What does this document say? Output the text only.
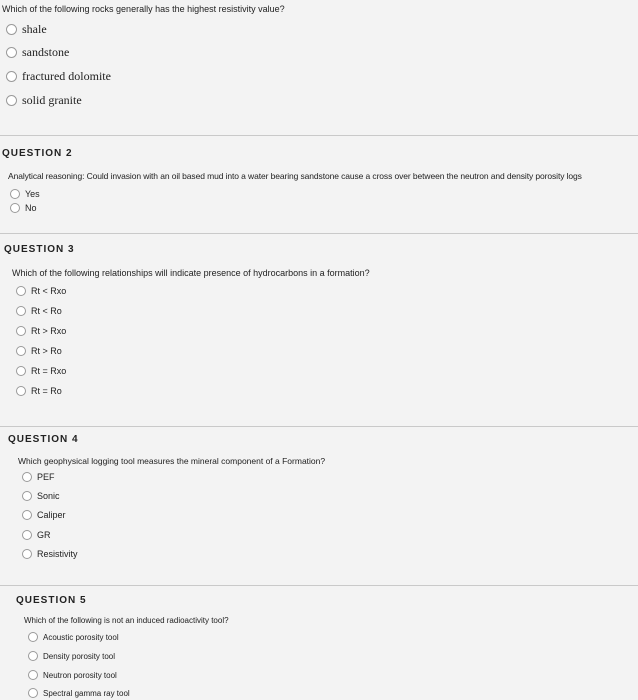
Which of the following rocks generally has the highest resistivity value?
shale
sandstone
fractured dolomite
solid granite
QUESTION 2
Analytical reasoning: Could invasion with an oil based mud into a water bearing sandstone cause a cross over between the neutron and density porosity logs
Yes
No
QUESTION 3
Which of the following relationships will indicate presence of hydrocarbons in a formation?
Rt < Rxo
Rt < Ro
Rt > Rxo
Rt > Ro
Rt = Rxo
Rt = Ro
QUESTION 4
Which geophysical logging tool measures the mineral component of a Formation?
PEF
Sonic
Caliper
GR
Resistivity
QUESTION 5
Which of the following is not an induced radioactivity tool?
Acoustic porosity tool
Density porosity tool
Neutron porosity tool
Spectral gamma ray tool
